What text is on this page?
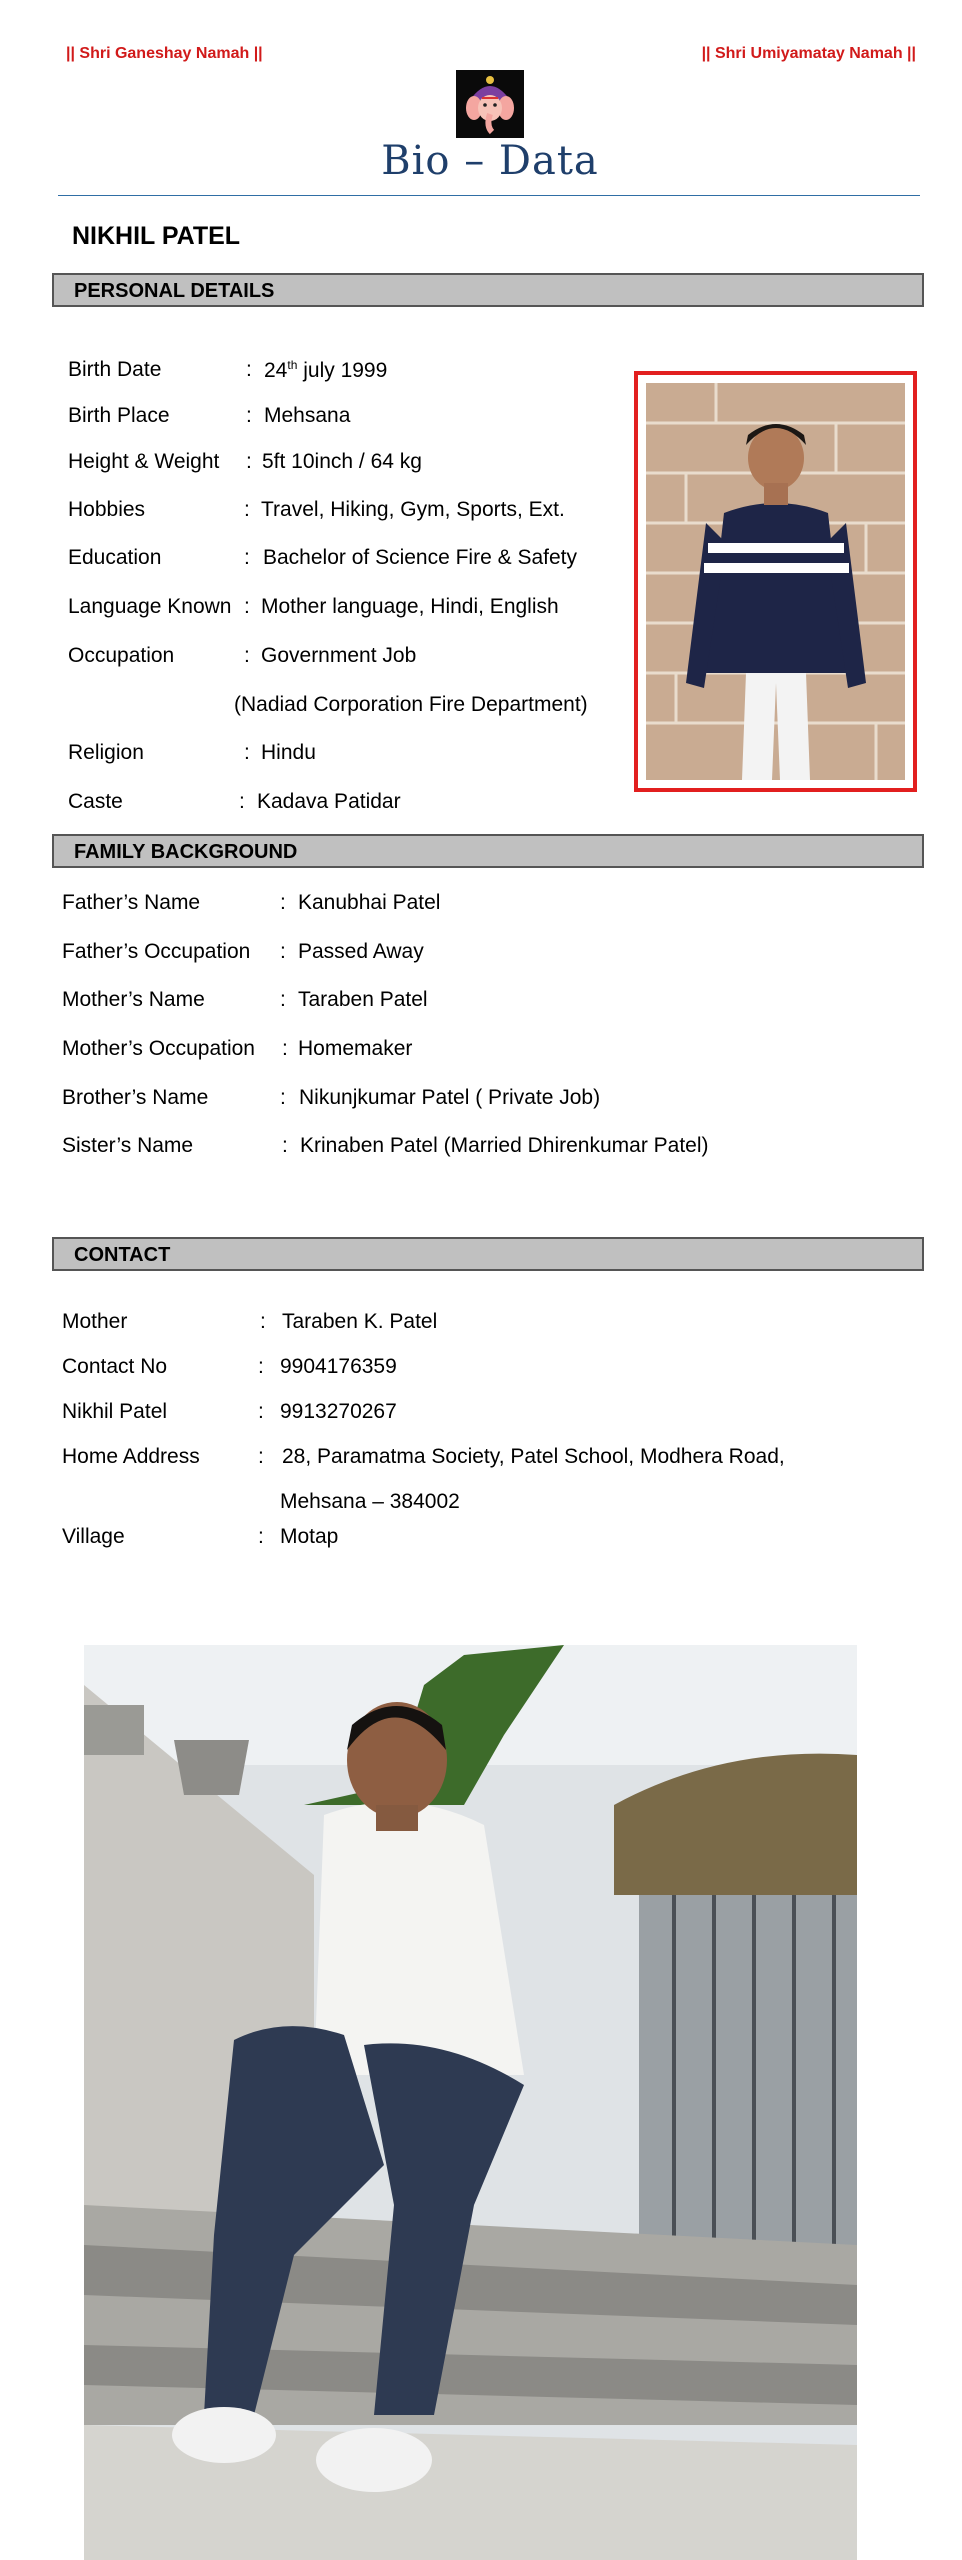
|| Shri Ganeshay Namah ||	|| Shri Umiyamatay Namah ||
Bio – Data
NIKHIL PATEL
PERSONAL DETAILS
Birth Date	: 24th july 1999
Birth Place	: Mehsana
Height & Weight : 5ft 10inch / 64 kg
Hobbies	: Travel, Hiking, Gym, Sports, Ext.
Education	: Bachelor of Science Fire & Safety
Language Known : Mother language, Hindi, English
Occupation	: Government Job
(Nadiad Corporation Fire Department)
Religion	: Hindu
Caste	: Kadava Patidar
FAMILY BACKGROUND
Father’s Name	: Kanubhai Patel
Father’s Occupation : Passed Away
Mother’s Name	: Taraben Patel
Mother’s Occupation : Homemaker
Brother’s Name	: Nikunjkumar Patel ( Private Job)
Sister’s Name	: Krinaben Patel (Married Dhirenkumar Patel)
CONTACT
Mother	: Taraben K. Patel
Contact No	: 9904176359
Nikhil Patel	: 9913270267
Home Address	: 28, Paramatma Society, Patel School, Modhera Road,
Mehsana – 384002
Village	: Motap
